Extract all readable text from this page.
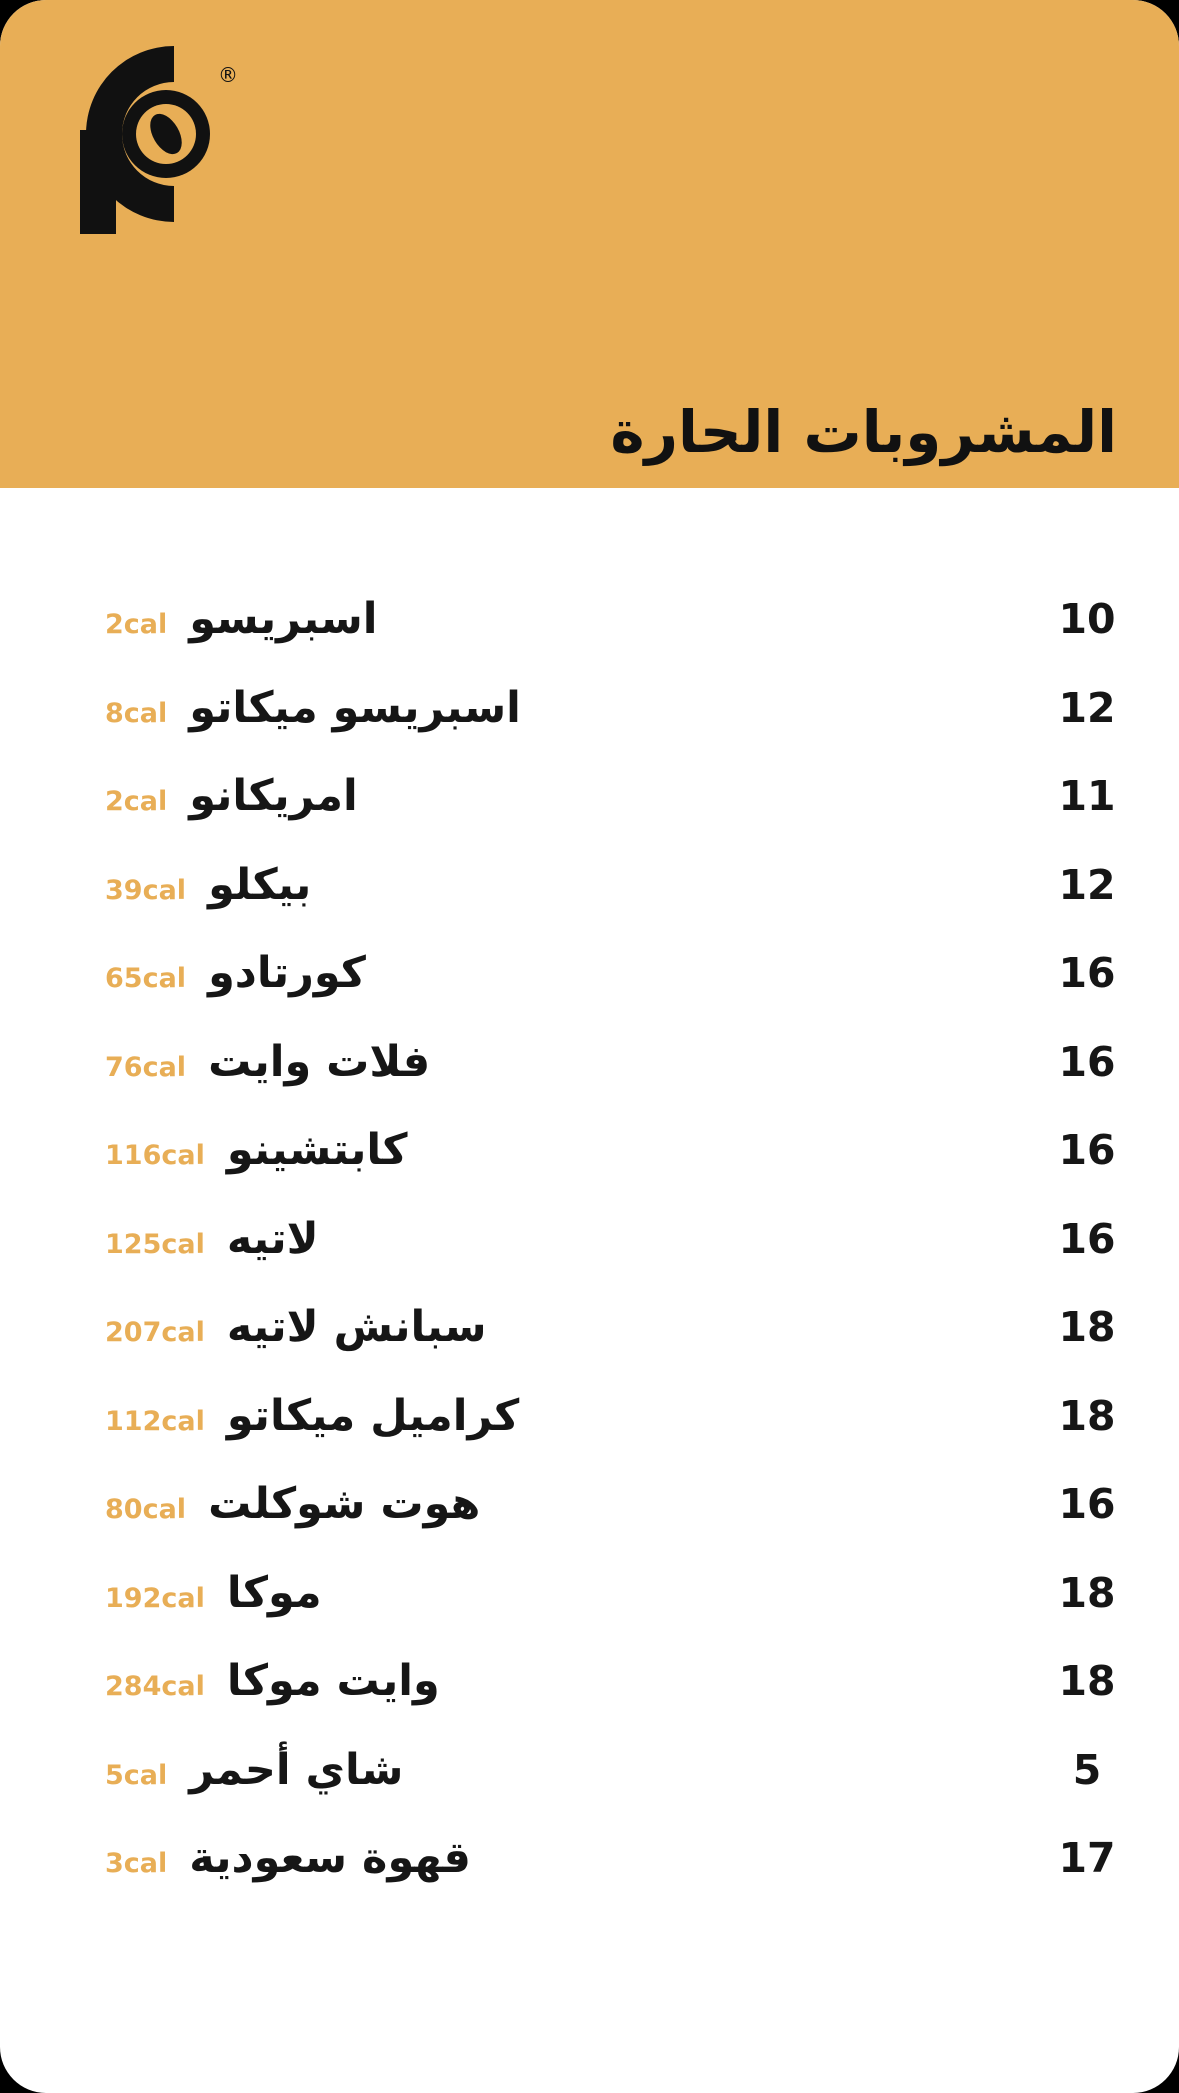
®
المشروبات الحارة
10
اسبريسو
2cal
12
اسبريسو ميكاتو
8cal
11
امريكانو
2cal
12
بيكلو
39cal
16
كورتادو
65cal
16
فلات وايت
76cal
16
كابتشينو
116cal
16
لاتيه
125cal
18
سبانش لاتيه
207cal
18
كراميل ميكاتو
112cal
16
هوت شوكلت
80cal
18
موكا
192cal
18
وايت موكا
284cal
5
شاي أحمر
5cal
17
قهوة سعودية
3cal
